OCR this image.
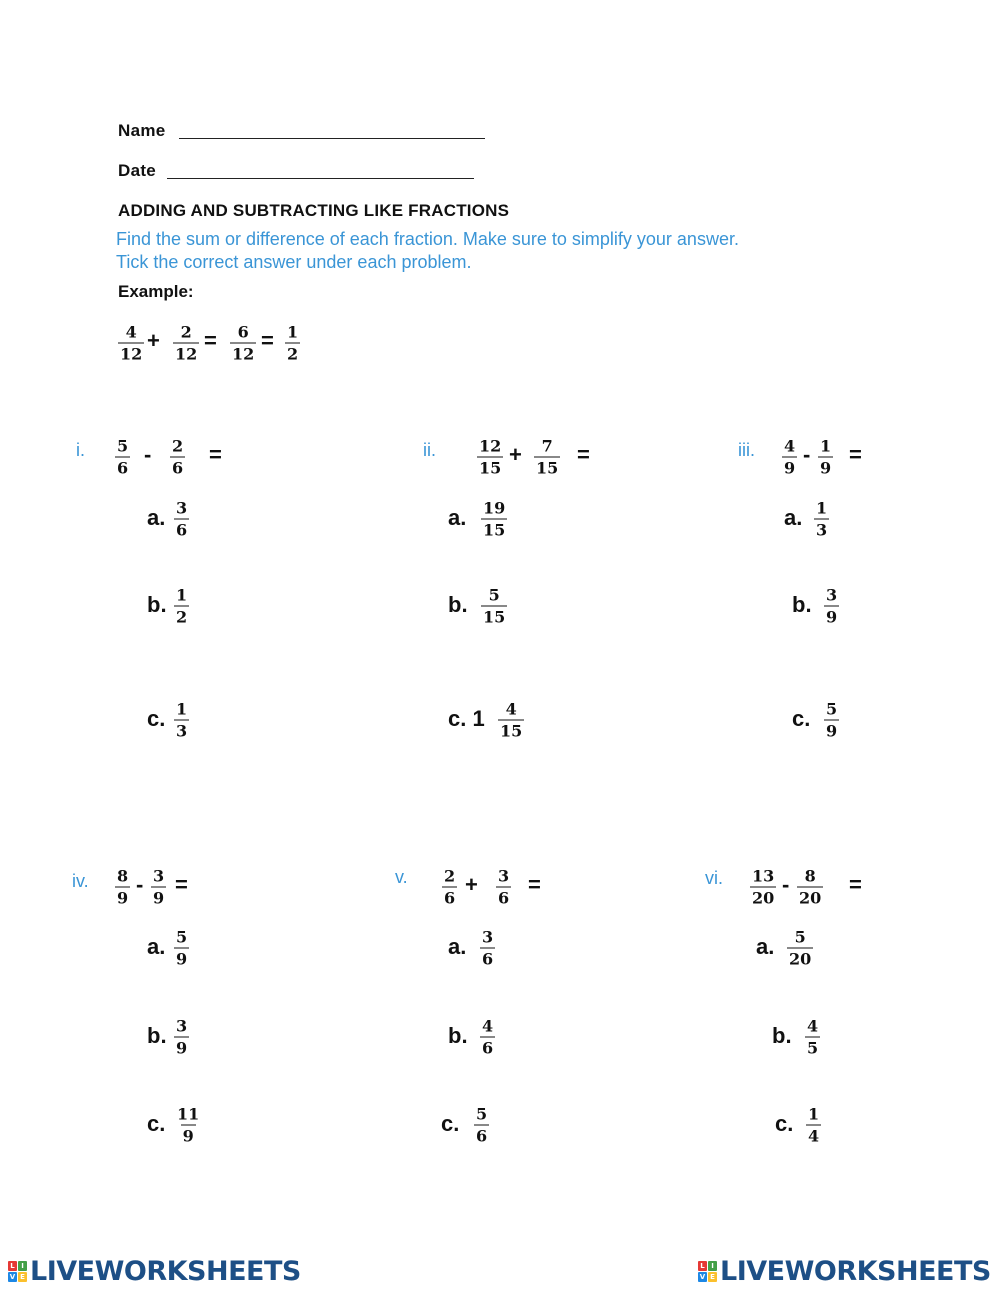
Name
Date
ADDING AND SUBTRACTING LIKE FRACTIONS
Find the sum or difference of each fraction. Make sure to simplify your answer.
Tick the correct answer under each problem.
Example:
$\frac{4}{12} + \frac{2}{12} = \frac{6}{12} = \frac{1}{2}$
i. $\frac{5}{6} - \frac{2}{6}$ =
a. $\frac{3}{6}$
b. $\frac{1}{2}$
c. $\frac{1}{3}$
ii.	$\frac{12}{15} + \frac{7}{15}$ =
a. $\frac{19}{15}$
b. $\frac{5}{15}$
c. $1 \frac{4}{15}$
iii. $\frac{4}{9} - \frac{1}{9}$ =
a. $\frac{1}{3}$
b. $\frac{3}{9}$
c. $\frac{5}{9}$
iv. $\frac{8}{9} - \frac{3}{9}$ =
a. $\frac{5}{9}$
b. $\frac{3}{9}$
c. $\frac{11}{9}$
v. $\frac{2}{6} + \frac{3}{6}$ =
a. $\frac{3}{6}$
b. $\frac{4}{6}$
c. $\frac{5}{6}$
vi. $\frac{13}{20} - \frac{8}{20}$ =
a. $\frac{5}{20}$
b. $\frac{4}{5}$
c. $\frac{1}{4}$
L I
V E LIVEWORKSHEETS	L I
V E LIVEWORKSHEETS
